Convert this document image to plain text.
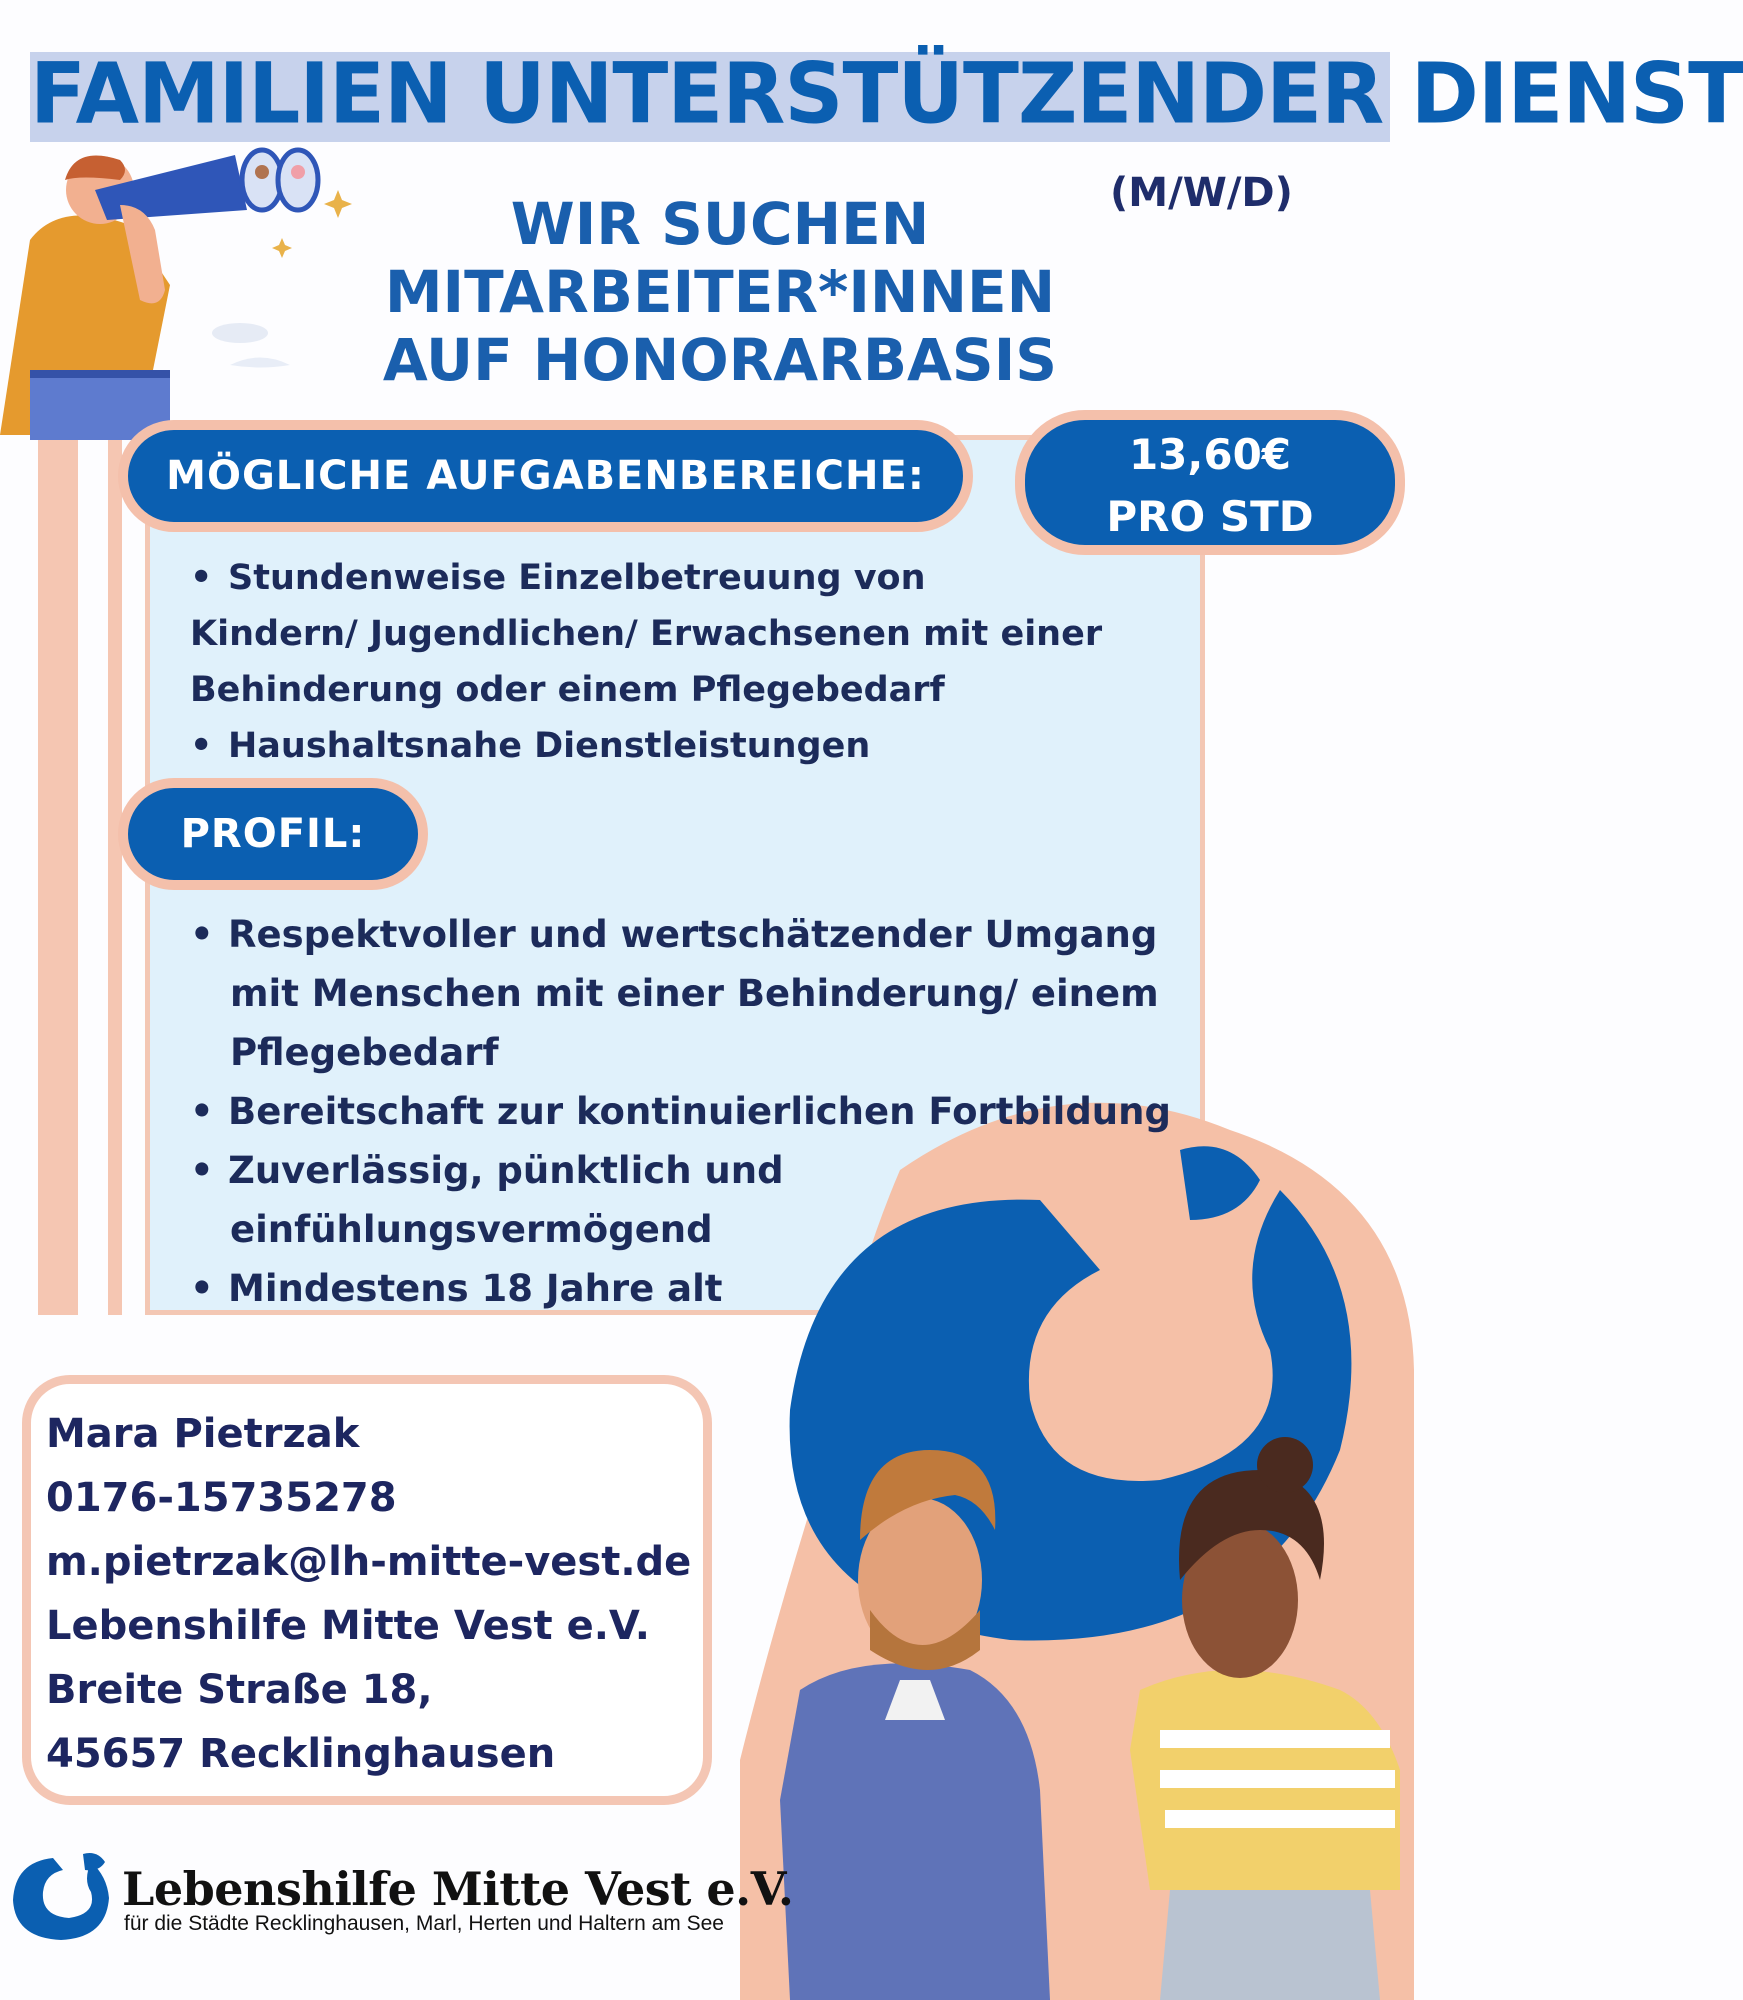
FAMILIEN UNTERSTÜTZENDER DIENST
(M/W/D)
WIR SUCHEN
MITARBEITER*INNEN
AUF HONORARBASIS
MÖGLICHE AUFGABENBEREICHE:	13,60€
PRO STD
PROFIL:
• Stundenweise Einzelbetreuung von
Kindern/ Jugendlichen/ Erwachsenen mit einer
Behinderung oder einem Pflegebedarf
• Haushaltsnahe Dienstleistungen
• Respektvoller und wertschätzender Umgang
mit Menschen mit einer Behinderung/ einem
Pflegebedarf
• Bereitschaft zur kontinuierlichen Fortbildung
• Zuverlässig, pünktlich und
einfühlungsvermögend
• Mindestens 18 Jahre alt
Mara Pietrzak
0176-15735278
m.pietrzak@lh-mitte-vest.de
Lebenshilfe Mitte Vest e.V.
Breite Straße 18,
45657 Recklinghausen
Lebenshilfe Mitte Vest e.V.
für die Städte Recklinghausen, Marl, Herten und Haltern am See
